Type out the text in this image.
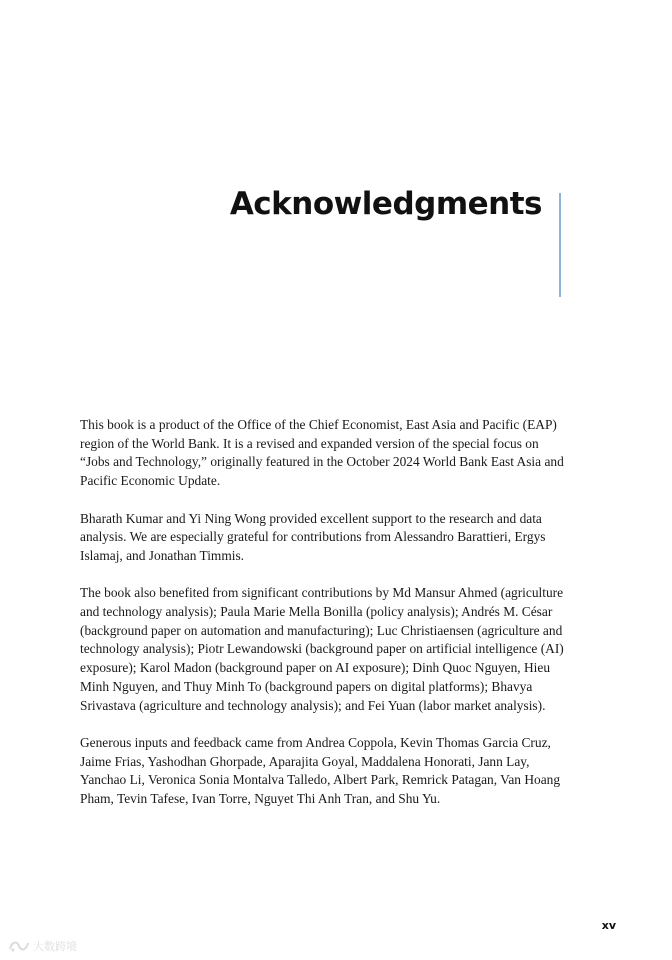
Acknowledgments

This book is a product of the Office of the Chief Economist, East Asia and Pacific (EAP) region of the World Bank. It is a revised and expanded version of the special focus on “Jobs and Technology,” originally featured in the October 2024 World Bank East Asia and Pacific Economic Update.

Bharath Kumar and Yi Ning Wong provided excellent support to the research and data analysis. We are especially grateful for contributions from Alessandro Barattieri, Ergys Islamaj, and Jonathan Timmis.

The book also benefited from significant contributions by Md Mansur Ahmed (agriculture and technology analysis); Paula Marie Mella Bonilla (policy analysis); Andrés M. César (background paper on automation and manufacturing); Luc Christiaensen (agriculture and technology analysis); Piotr Lewandowski (background paper on artificial intelligence (AI) exposure); Karol Madon (background paper on AI exposure); Dinh Quoc Nguyen, Hieu Minh Nguyen, and Thuy Minh To (background papers on digital platforms); Bhavya Srivastava (agriculture and technology analysis); and Fei Yuan (labor market analysis).

Generous inputs and feedback came from Andrea Coppola, Kevin Thomas Garcia Cruz, Jaime Frias, Yashodhan Ghorpade, Aparajita Goyal, Maddalena Honorati, Jann Lay, Yanchao Li, Veronica Sonia Montalva Talledo, Albert Park, Remrick Patagan, Van Hoang Pham, Tevin Tafese, Ivan Torre, Nguyet Thi Anh Tran, and Shu Yu.

xv
大数跨境
